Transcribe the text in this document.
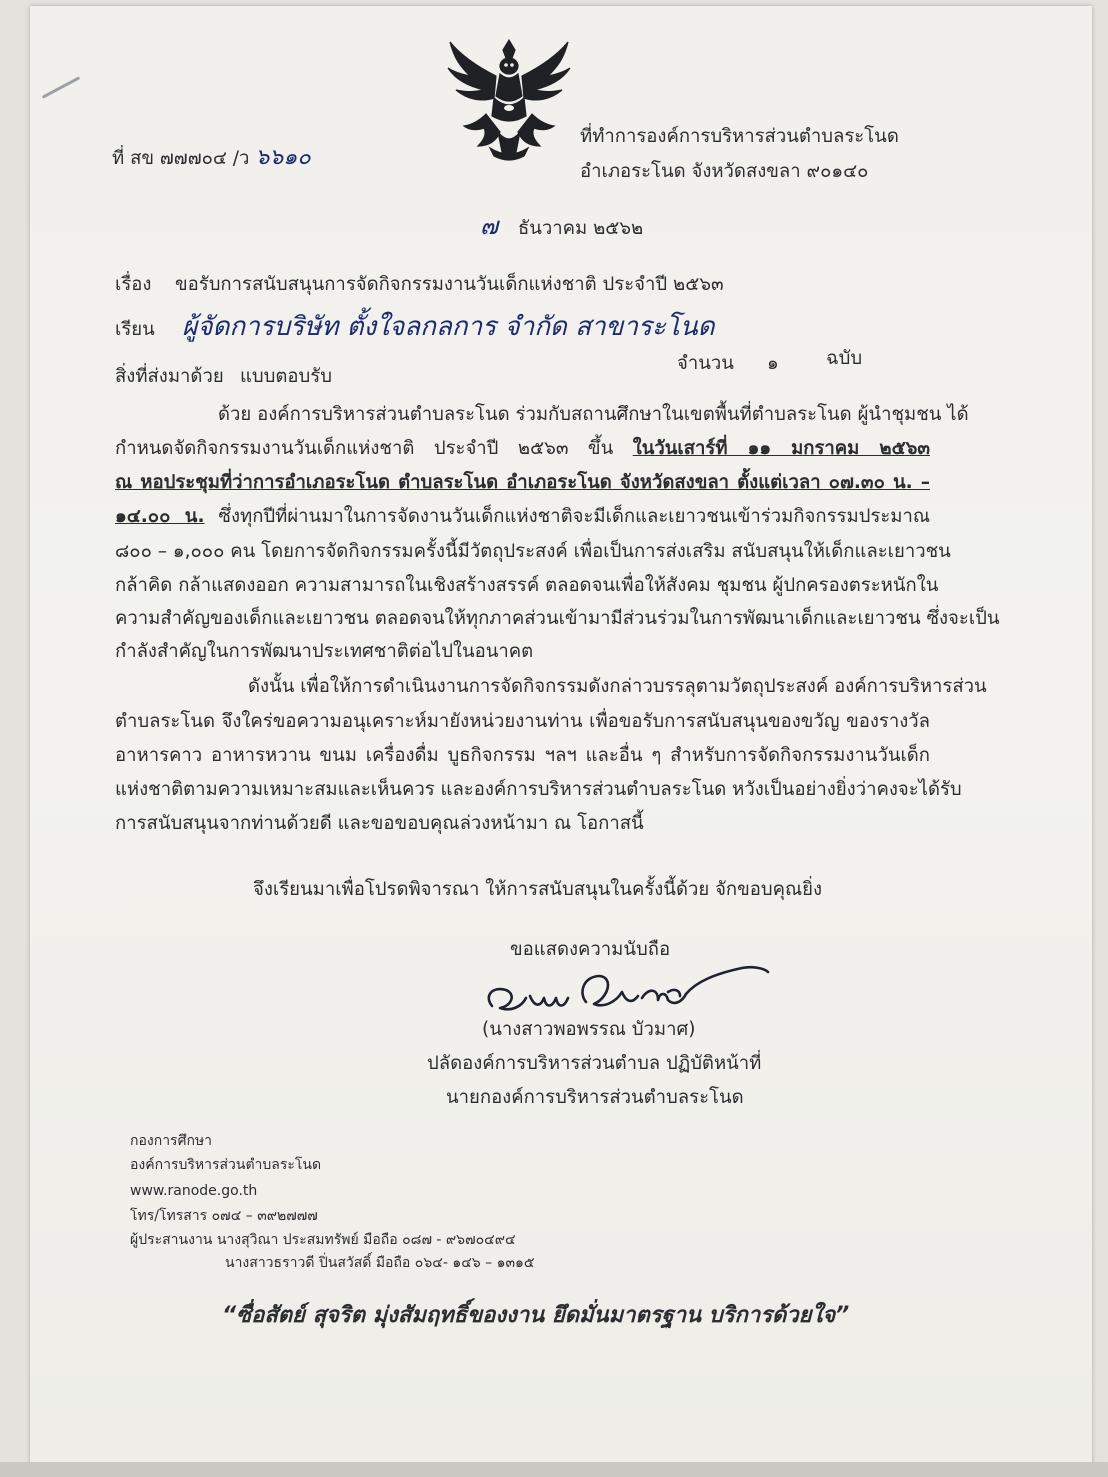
ที่ สข ๗๗๗๐๔ /ว ๖๖๑๐
ที่ทำการองค์การบริหารส่วนตำบลระโนด
อำเภอระโนด จังหวัดสงขลา ๙๐๑๔๐
๗ ธันวาคม ๒๕๖๒
เรื่อง ขอรับการสนับสนุนการจัดกิจกรรมงานวันเด็กแห่งชาติ ประจำปี ๒๕๖๓
เรียน ผู้จัดการบริษัท ตั้งใจลกลการ จำกัด สาขาระโนด
สิ่งที่ส่งมาด้วย แบบตอบรับ
จำนวน ๑	ฉบับ
ด้วย องค์การบริหารส่วนตำบลระโนด ร่วมกับสถานศึกษาในเขตพื้นที่ตำบลระโนด ผู้นำชุมชน ได้
กำหนดจัดกิจกรรมงานวันเด็กแห่งชาติ ประจำปี ๒๕๖๓ ขึ้น ในวันเสาร์ที่ ๑๑ มกราคม ๒๕๖๓
ณ หอประชุมที่ว่าการอำเภอระโนด ตำบลระโนด อำเภอระโนด จังหวัดสงขลา ตั้งแต่เวลา ๐๗.๓๐ น. –
๑๔.๐๐ น. ซึ่งทุกปีที่ผ่านมาในการจัดงานวันเด็กแห่งชาติจะมีเด็กและเยาวชนเข้าร่วมกิจกรรมประมาณ
๘๐๐ – ๑,๐๐๐ คน โดยการจัดกิจกรรมครั้งนี้มีวัตถุประสงค์ เพื่อเป็นการส่งเสริม สนับสนุนให้เด็กและเยาวชน
กล้าคิด กล้าแสดงออก ความสามารถในเชิงสร้างสรรค์ ตลอดจนเพื่อให้สังคม ชุมชน ผู้ปกครองตระหนักใน
ความสำคัญของเด็กและเยาวชน ตลอดจนให้ทุกภาคส่วนเข้ามามีส่วนร่วมในการพัฒนาเด็กและเยาวชน ซึ่งจะเป็น
กำลังสำคัญในการพัฒนาประเทศชาติต่อไปในอนาคต
ดังนั้น เพื่อให้การดำเนินงานการจัดกิจกรรมดังกล่าวบรรลุตามวัตถุประสงค์ องค์การบริหารส่วน
ตำบลระโนด จึงใคร่ขอความอนุเคราะห์มายังหน่วยงานท่าน เพื่อขอรับการสนับสนุนของขวัญ ของรางวัล
อาหารคาว อาหารหวาน ขนม เครื่องดื่ม บูธกิจกรรม ฯลฯ และอื่น ๆ สำหรับการจัดกิจกรรมงานวันเด็ก
แห่งชาติตามความเหมาะสมและเห็นควร และองค์การบริหารส่วนตำบลระโนด หวังเป็นอย่างยิ่งว่าคงจะได้รับ
การสนับสนุนจากท่านด้วยดี และขอขอบคุณล่วงหน้ามา ณ โอกาสนี้
จึงเรียนมาเพื่อโปรดพิจารณา ให้การสนับสนุนในครั้งนี้ด้วย จักขอบคุณยิ่ง
ขอแสดงความนับถือ
(นางสาวพอพรรณ บัวมาศ)
ปลัดองค์การบริหารส่วนตำบล ปฏิบัติหน้าที่
นายกองค์การบริหารส่วนตำบลระโนด
กองการศึกษา
องค์การบริหารส่วนตำบลระโนด
www.ranode.go.th
โทร/โทรสาร ๐๗๔ – ๓๙๒๗๗๗
ผู้ประสานงาน นางสุวิณา ประสมทรัพย์ มือถือ ๐๘๗ - ๙๖๗๐๔๙๔
นางสาวธราวดี ปิ่นสวัสดิ์ มือถือ ๐๖๔- ๑๔๖ – ๑๓๑๕
“ซื่อสัตย์ สุจริต มุ่งสัมฤทธิ์ของงาน ยึดมั่นมาตรฐาน บริการด้วยใจ”
